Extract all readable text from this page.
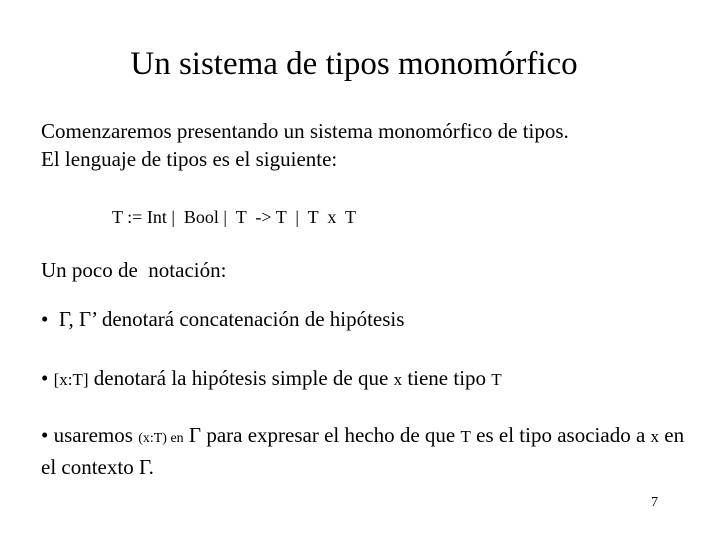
Un sistema de tipos monomórfico
Comenzaremos presentando un sistema monomórfico de tipos.
El lenguaje de tipos es el siguiente:
T := Int |  Bool |  T  -> T  |  T  x  T
Un poco de  notación:
•  Γ, Γ’ denotará concatenación de hipótesis
• [x:T] denotará la hipótesis simple de que x tiene tipo T
• usaremos (x:T) en Γ para expresar el hecho de que T es el tipo asociado a x en el contexto Γ.
7
